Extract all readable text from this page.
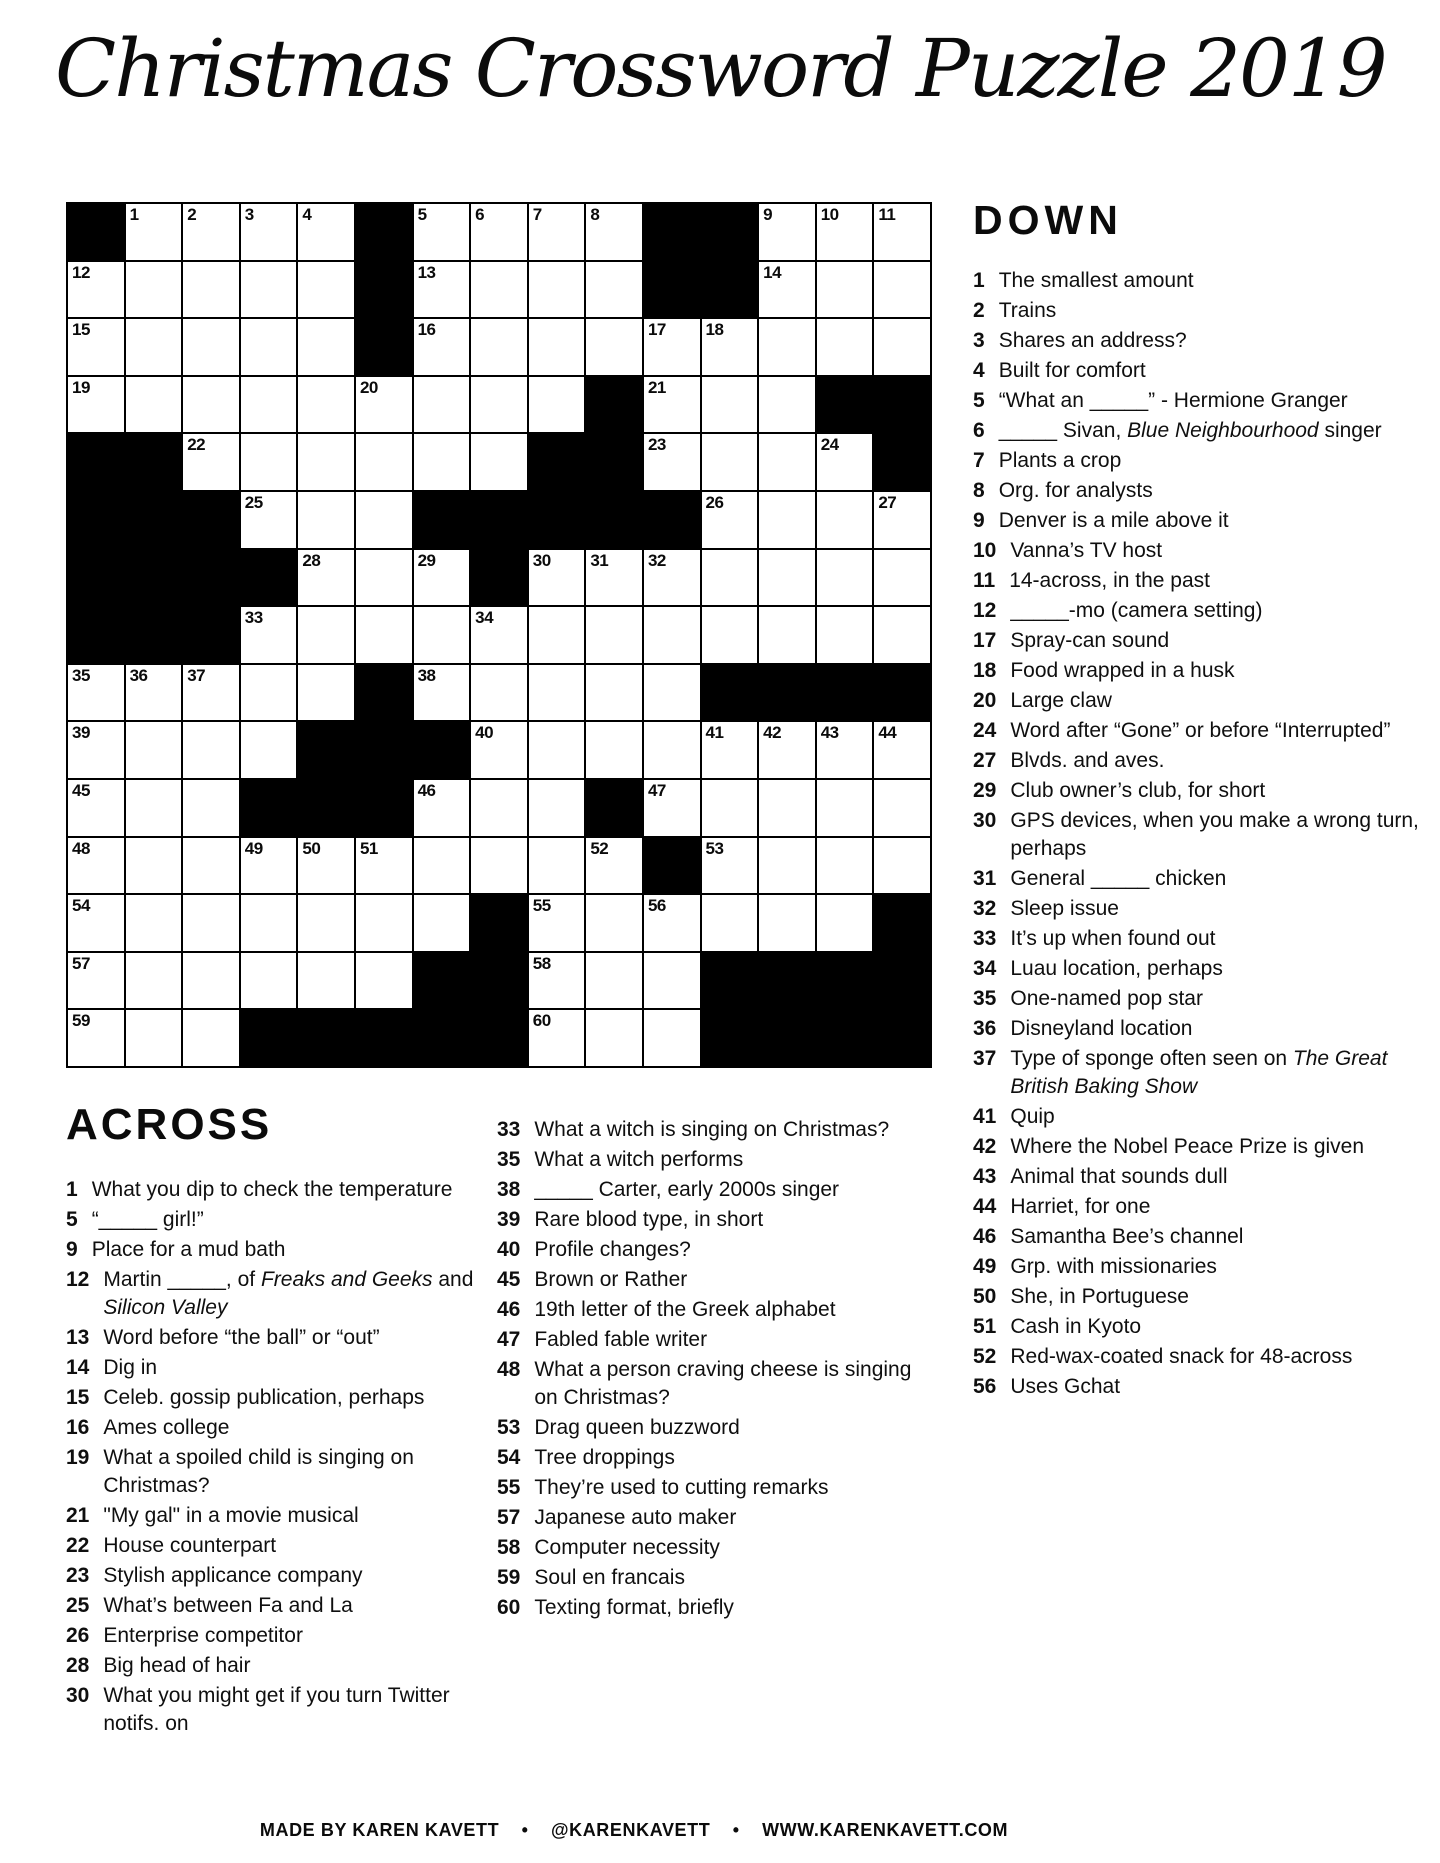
Christmas Crossword Puzzle 2019
1	2	3	4	5	6	7	8	9	10 11
12	13	14
15	16	17 18
19	20	21
22	23	24
25	26	27
28	29	30 31 32
33	34
35 36 37	38
39	40	41 42 43 44
45	46	47
48	49 50 51	52	53
54	55	56
57	58
59	60
DOWN
1 The smallest amount
2 Trains
3 Shares an address?
4 Built for comfort
5 “What an _____” - Hermione Granger
6 _____ Sivan, Blue Neighbourhood singer
7 Plants a crop
8 Org. for analysts
9 Denver is a mile above it
10 Vanna’s TV host
11 14-across, in the past
12 _____-mo (camera setting)
17 Spray-can sound
18 Food wrapped in a husk
20 Large claw
24 Word after “Gone” or before “Interrupted”
27 Blvds. and aves.
29 Club owner’s club, for short
30 GPS devices, when you make a wrong turn, perhaps
31 General _____ chicken
32 Sleep issue
33 It’s up when found out
34 Luau location, perhaps
35 One-named pop star
36 Disneyland location
37 Type of sponge often seen on The Great British Baking Show
41 Quip
42 Where the Nobel Peace Prize is given
43 Animal that sounds dull
44 Harriet, for one
46 Samantha Bee’s channel
49 Grp. with missionaries
50 She, in Portuguese
51 Cash in Kyoto
52 Red-wax-coated snack for 48-across
56 Uses Gchat
ACROSS
1 What you dip to check the temperature
5 “_____ girl!”
9 Place for a mud bath
12 Martin _____, of Freaks and Geeks and Silicon Valley
13 Word before “the ball” or “out”
14 Dig in
15 Celeb. gossip publication, perhaps
16 Ames college
19 What a spoiled child is singing on Christmas?
21 "My gal" in a movie musical
22 House counterpart
23 Stylish applicance company
25 What’s between Fa and La
26 Enterprise competitor
28 Big head of hair
30 What you might get if you turn Twitter notifs. on
33 What a witch is singing on Christmas?
35 What a witch performs
38 _____ Carter, early 2000s singer
39 Rare blood type, in short
40 Profile changes?
45 Brown or Rather
46 19th letter of the Greek alphabet
47 Fabled fable writer
48 What a person craving cheese is singing on Christmas?
53 Drag queen buzzword
54 Tree droppings
55 They’re used to cutting remarks
57 Japanese auto maker
58 Computer necessity
59 Soul en francais
60 Texting format, briefly
MADE BY KAREN KAVETT    •    @KARENKAVETT    •    WWW.KARENKAVETT.COM
